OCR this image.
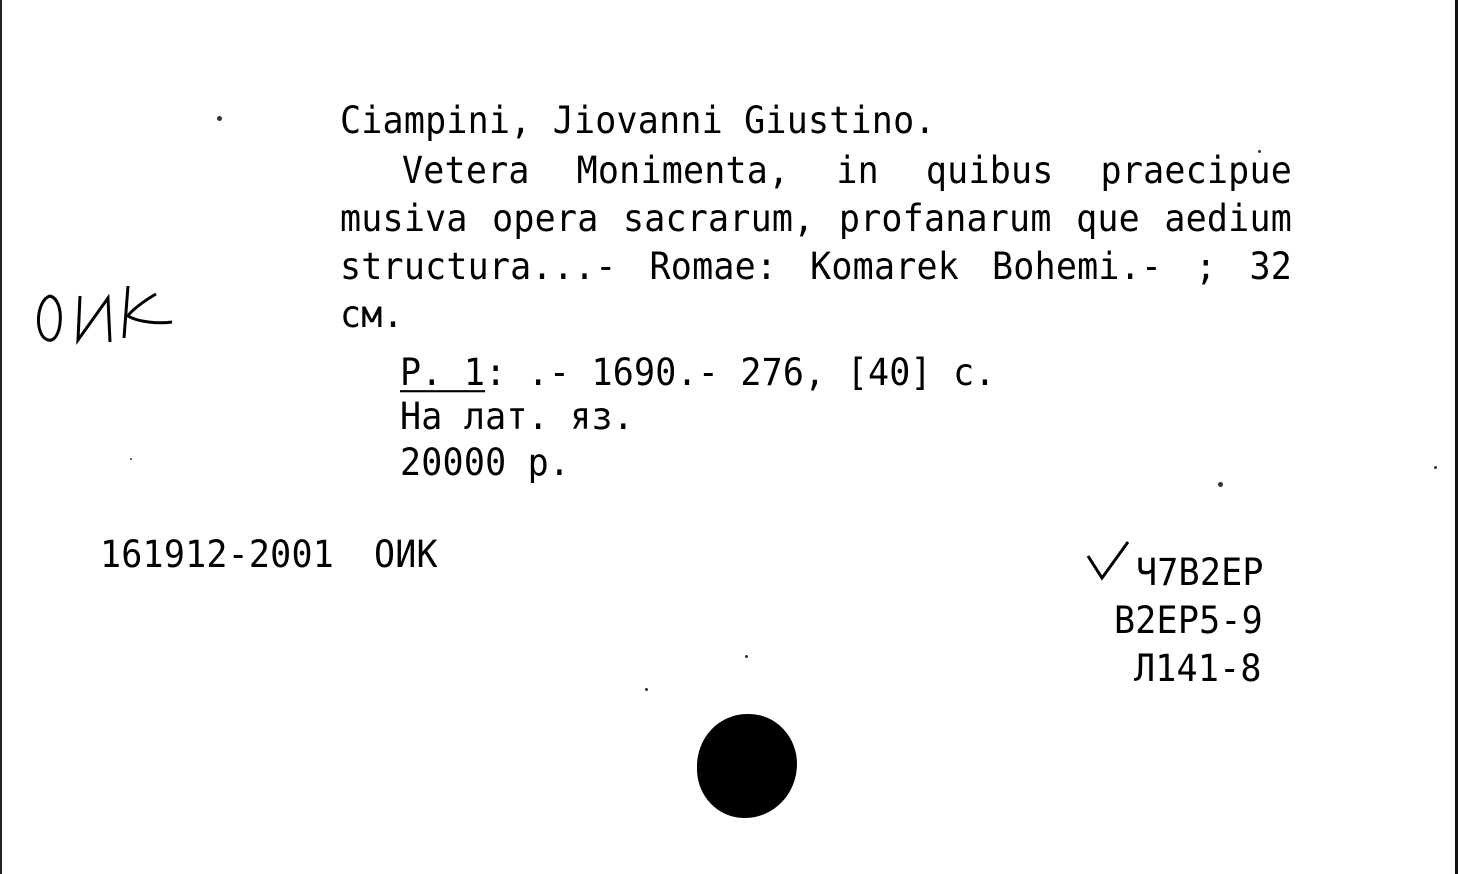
Ciampini, Jiovanni Giustino.
Vetera Monimenta, in quibus praecipue
musiva opera sacrarum, profanarum que aedium
structura...- Romae: Komarek Bohemi.- ; 32
см.
P. 1: .- 1690.- 276, [40] с.
На лат. яз.
20000 р.
161912-2001 ОИК	Ч7В2ЕР
В2ЕР5-9
Л141-8
